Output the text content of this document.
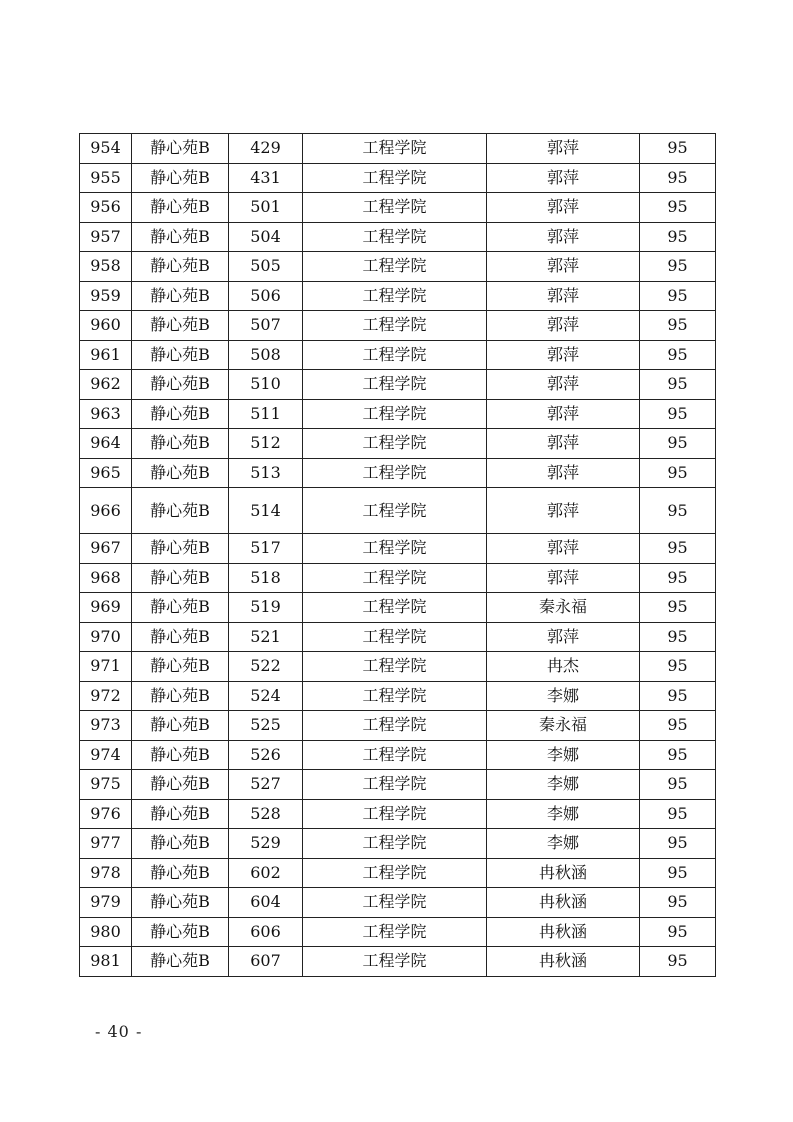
954	静心苑B	429	工程学院	郭萍	95
955	静心苑B	431	工程学院	郭萍	95
956	静心苑B	501	工程学院	郭萍	95
957	静心苑B	504	工程学院	郭萍	95
958	静心苑B	505	工程学院	郭萍	95
959	静心苑B	506	工程学院	郭萍	95
960	静心苑B	507	工程学院	郭萍	95
961	静心苑B	508	工程学院	郭萍	95
962	静心苑B	510	工程学院	郭萍	95
963	静心苑B	511	工程学院	郭萍	95
964	静心苑B	512	工程学院	郭萍	95
965	静心苑B	513	工程学院	郭萍	95
966	静心苑B	514	工程学院	郭萍	95
967	静心苑B	517	工程学院	郭萍	95
968	静心苑B	518	工程学院	郭萍	95
969	静心苑B	519	工程学院	秦永福	95
970	静心苑B	521	工程学院	郭萍	95
971	静心苑B	522	工程学院	冉杰	95
972	静心苑B	524	工程学院	李娜	95
973	静心苑B	525	工程学院	秦永福	95
974	静心苑B	526	工程学院	李娜	95
975	静心苑B	527	工程学院	李娜	95
976	静心苑B	528	工程学院	李娜	95
977	静心苑B	529	工程学院	李娜	95
978	静心苑B	602	工程学院	冉秋涵	95
979	静心苑B	604	工程学院	冉秋涵	95
980	静心苑B	606	工程学院	冉秋涵	95
981	静心苑B	607	工程学院	冉秋涵	95
- 40 -
